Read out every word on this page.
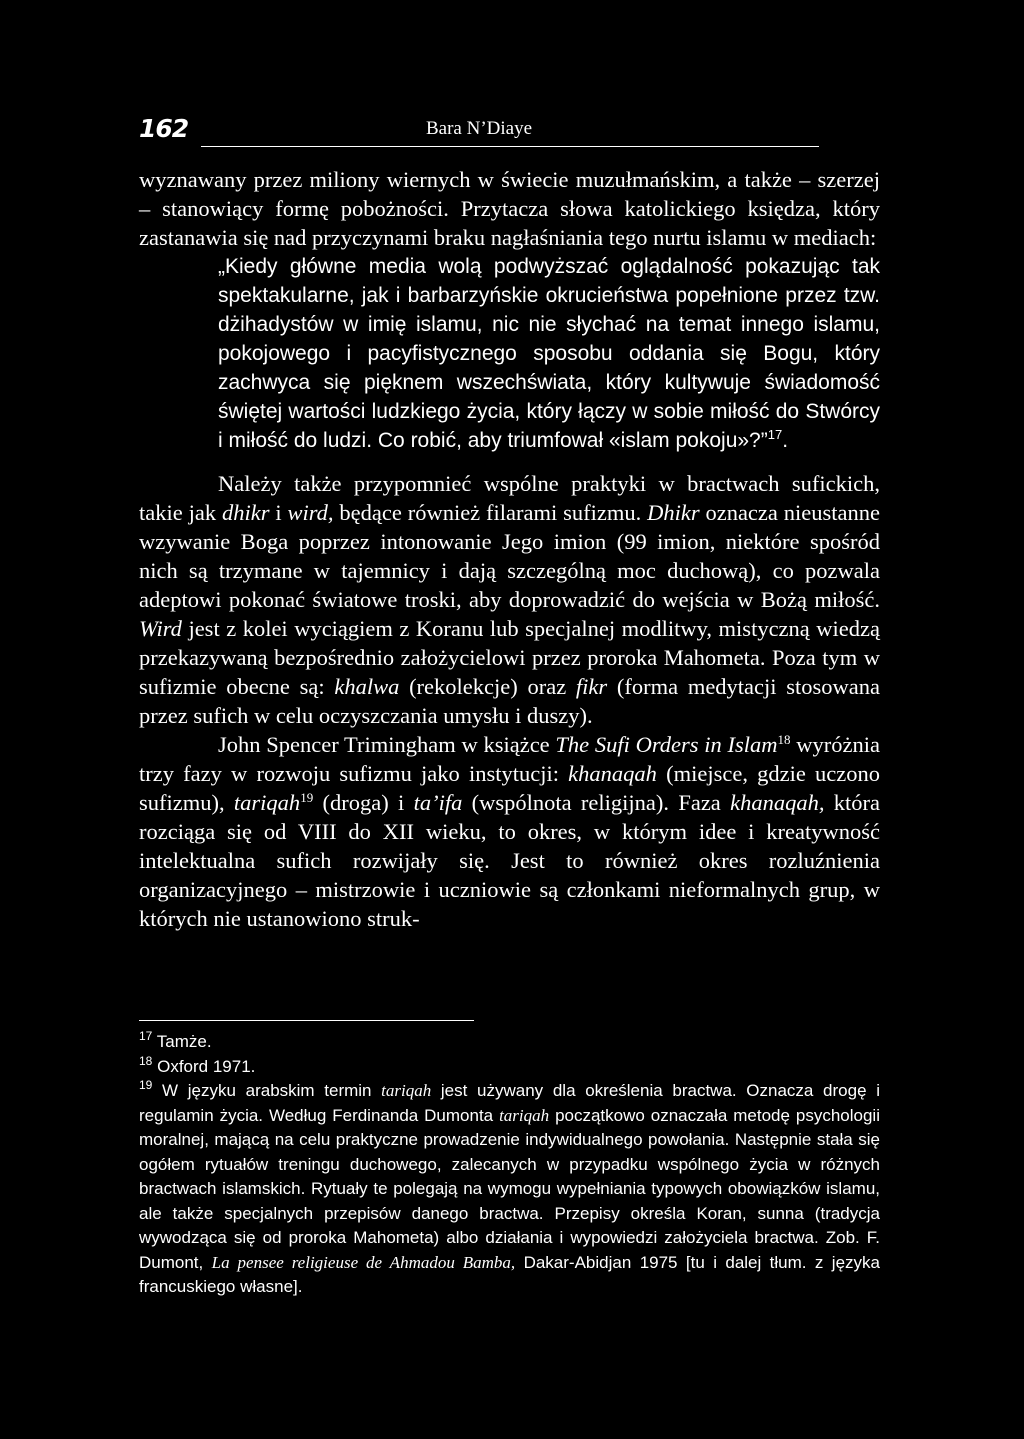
162	Bara N’Diaye

wyznawany przez miliony wiernych w świecie muzułmańskim, a także – szerzej – stanowiący formę pobożności. Przytacza słowa katolickiego księdza, który zastanawia się nad przyczynami braku nagłaśniania tego nurtu islamu w mediach:

„Kiedy główne media wolą podwyższać oglądalność pokazując tak spektakularne, jak i barbarzyńskie okrucieństwa popełnione przez tzw. dżihadystów w imię islamu, nic nie słychać na temat innego islamu, pokojowego i pacyfistycznego sposobu oddania się Bogu, który zachwyca się pięknem wszechświata, który kultywuje świadomość świętej wartości ludzkiego życia, który łączy w sobie miłość do Stwórcy i miłość do ludzi. Co robić, aby triumfował «islam pokoju»?”$^{17}$.

Należy także przypomnieć wspólne praktyki w bractwach sufickich, takie jak dhikr i wird, będące również filarami sufizmu. Dhikr oznacza nieustanne wzywanie Boga poprzez intonowanie Jego imion (99 imion, niektóre spośród nich są trzymane w tajemnicy i dają szczególną moc duchową), co pozwala adeptowi pokonać światowe troski, aby doprowadzić do wejścia w Bożą miłość. Wird jest z kolei wyciągiem z Koranu lub specjalnej modlitwy, mistyczną wiedzą przekazywaną bezpośrednio założycielowi przez proroka Mahometa. Poza tym w sufizmie obecne są: khalwa (rekolekcje) oraz fikr (forma medytacji stosowana przez sufich w celu oczyszczania umysłu i duszy).

John Spencer Trimingham w książce The Sufi Orders in Islam$^{18}$ wyróżnia trzy fazy w rozwoju sufizmu jako instytucji: khanaqah (miejsce, gdzie uczono sufizmu), tariqah$^{19}$ (droga) i ta’ifa (wspólnota religijna). Faza khanaqah, która rozciąga się od VIII do XII wieku, to okres, w którym idee i kreatywność intelektualna sufich rozwijały się. Jest to również okres rozluźnienia organizacyjnego – mistrzowie i uczniowie są członkami nieformalnych grup, w których nie ustanowiono struk-

$^{17}$ Tamże.

$^{18}$ Oxford 1971.

$^{19}$ W języku arabskim termin tariqah jest używany dla określenia bractwa. Oznacza drogę i regulamin życia. Według Ferdinanda Dumonta tariqah początkowo oznaczała metodę psychologii moralnej, mającą na celu praktyczne prowadzenie indywidualnego powołania. Następnie stała się ogółem rytuałów treningu duchowego, zalecanych w przypadku wspólnego życia w różnych bractwach islamskich. Rytuały te polegają na wymogu wypełniania typowych obowiązków islamu, ale także specjalnych przepisów danego bractwa. Przepisy określa Koran, sunna (tradycja wywodząca się od proroka Mahometa) albo działania i wypowiedzi założyciela bractwa. Zob. F. Dumont, La pensee religieuse de Ahmadou Bamba, Dakar-Abidjan 1975 [tu i dalej tłum. z języka francuskiego własne].
